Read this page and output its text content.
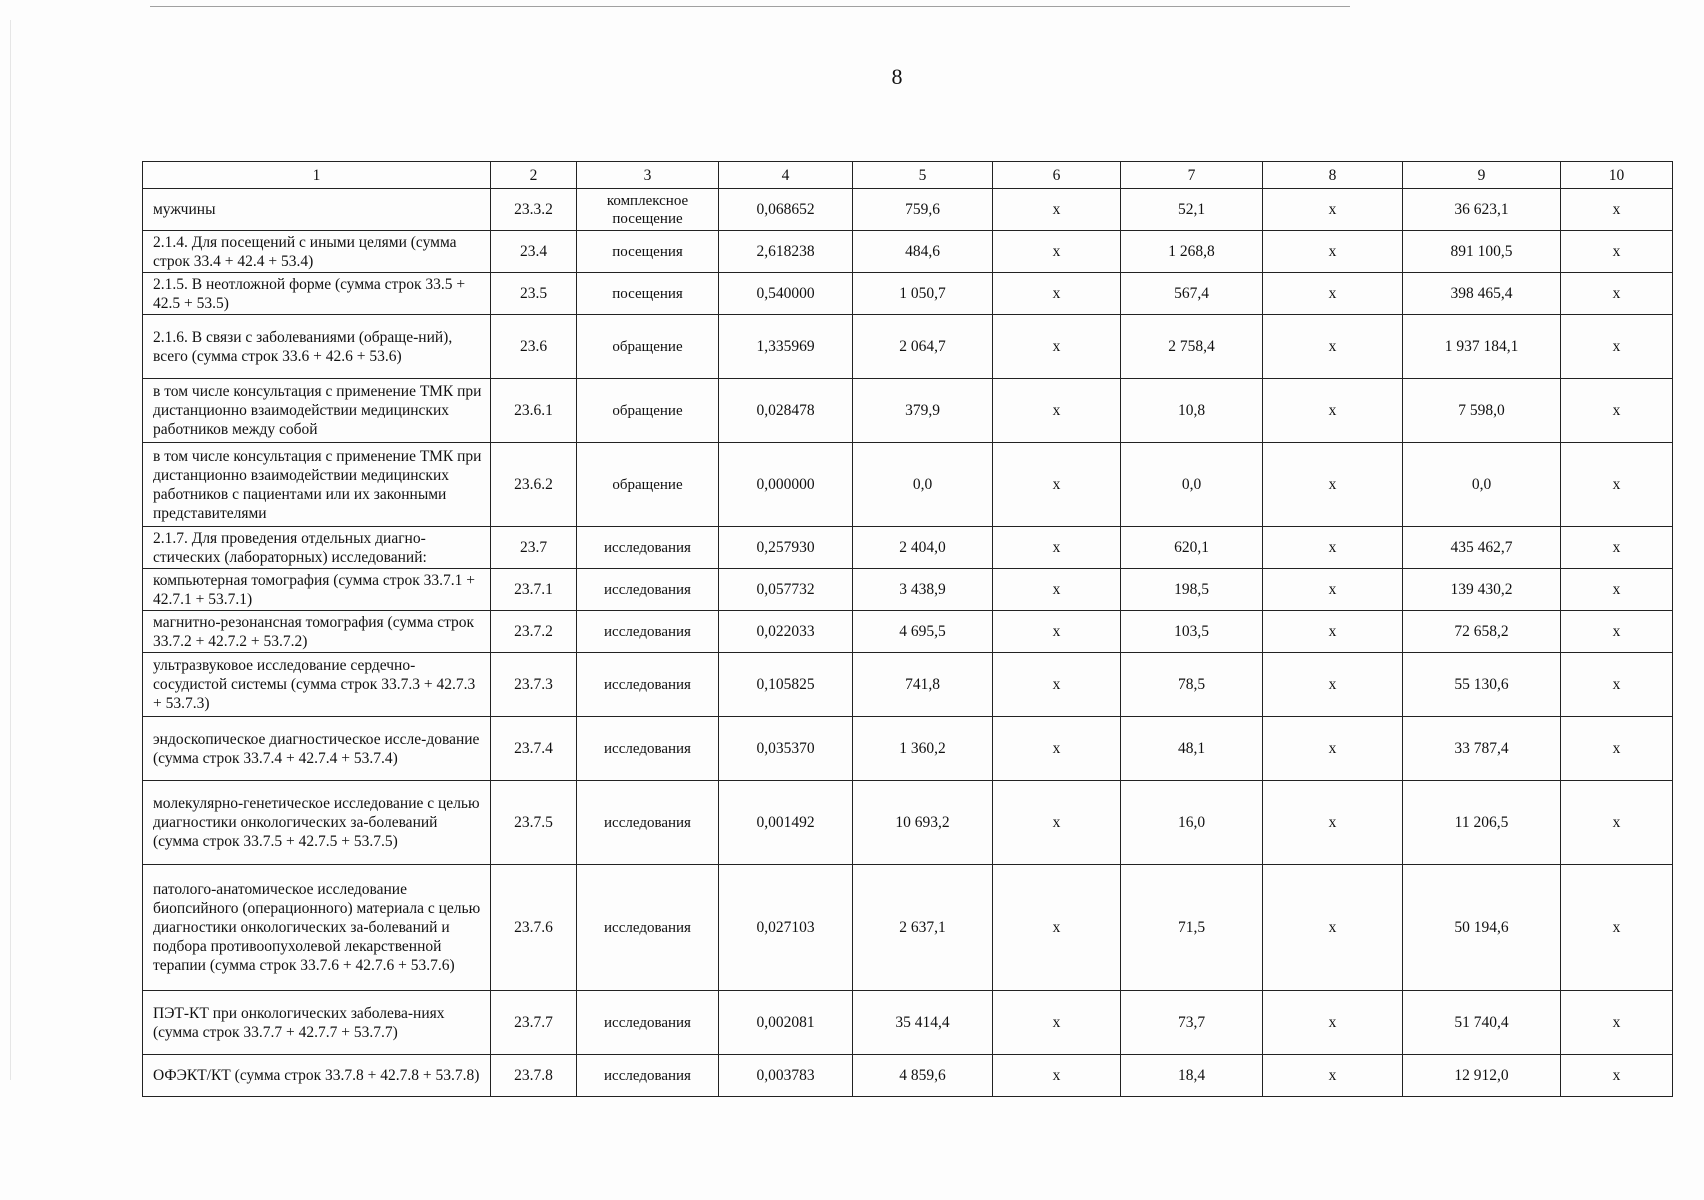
8
1	2	3	4	5	6	7	8	9	10
мужчины	23.3.2	комплексное посещение	0,068652	759,6	х	52,1	х	36 623,1	х
2.1.4. Для посещений с иными целями (сумма строк 33.4 + 42.4 + 53.4)	23.4	посещения	2,618238	484,6	х	1 268,8	х	891 100,5	х
2.1.5. В неотложной форме (сумма строк 33.5 + 42.5 + 53.5)	23.5	посещения	0,540000	1 050,7	х	567,4	х	398 465,4	х
2.1.6. В связи с заболеваниями (обраще-ний), всего (сумма строк 33.6 + 42.6 + 53.6)	23.6	обращение	1,335969	2 064,7	х	2 758,4	х	1 937 184,1	х
в том числе консультация с применение ТМК при дистанционно взаимодействии медицинских работников между собой	23.6.1	обращение	0,028478	379,9	х	10,8	х	7 598,0	х
в том числе консультация с применение ТМК при дистанционно взаимодействии медицинских работников с пациентами или их законными представителями	23.6.2	обращение	0,000000	0,0	х	0,0	х	0,0	х
2.1.7. Для проведения отдельных диагно-стических (лабораторных) исследований:	23.7	исследования	0,257930	2 404,0	х	620,1	х	435 462,7	х
компьютерная томография (сумма строк 33.7.1 + 42.7.1 + 53.7.1)	23.7.1	исследования	0,057732	3 438,9	х	198,5	х	139 430,2	х
магнитно-резонансная томография (сумма строк 33.7.2 + 42.7.2 + 53.7.2)	23.7.2	исследования	0,022033	4 695,5	х	103,5	х	72 658,2	х
ультразвуковое исследование сердечно-сосудистой системы (сумма строк 33.7.3 + 42.7.3 + 53.7.3)	23.7.3	исследования	0,105825	741,8	х	78,5	х	55 130,6	х
эндоскопическое диагностическое иссле-дование (сумма строк 33.7.4 + 42.7.4 + 53.7.4)	23.7.4	исследования	0,035370	1 360,2	х	48,1	х	33 787,4	х
молекулярно-генетическое исследование с целью диагностики онкологических за-болеваний (сумма строк 33.7.5 + 42.7.5 + 53.7.5)	23.7.5	исследования	0,001492	10 693,2	х	16,0	х	11 206,5	х
патолого-анатомическое исследование биопсийного (операционного) материала с целью диагностики онкологических за-болеваний и подбора противоопухолевой лекарственной терапии (сумма строк 33.7.6 + 42.7.6 + 53.7.6)	23.7.6	исследования	0,027103	2 637,1	х	71,5	х	50 194,6	х
ПЭТ-КТ при онкологических заболева-ниях (сумма строк 33.7.7 + 42.7.7 + 53.7.7)	23.7.7	исследования	0,002081	35 414,4	х	73,7	х	51 740,4	х
ОФЭКТ/КТ (сумма строк 33.7.8 + 42.7.8 + 53.7.8)	23.7.8	исследования	0,003783	4 859,6	х	18,4	х	12 912,0	х
